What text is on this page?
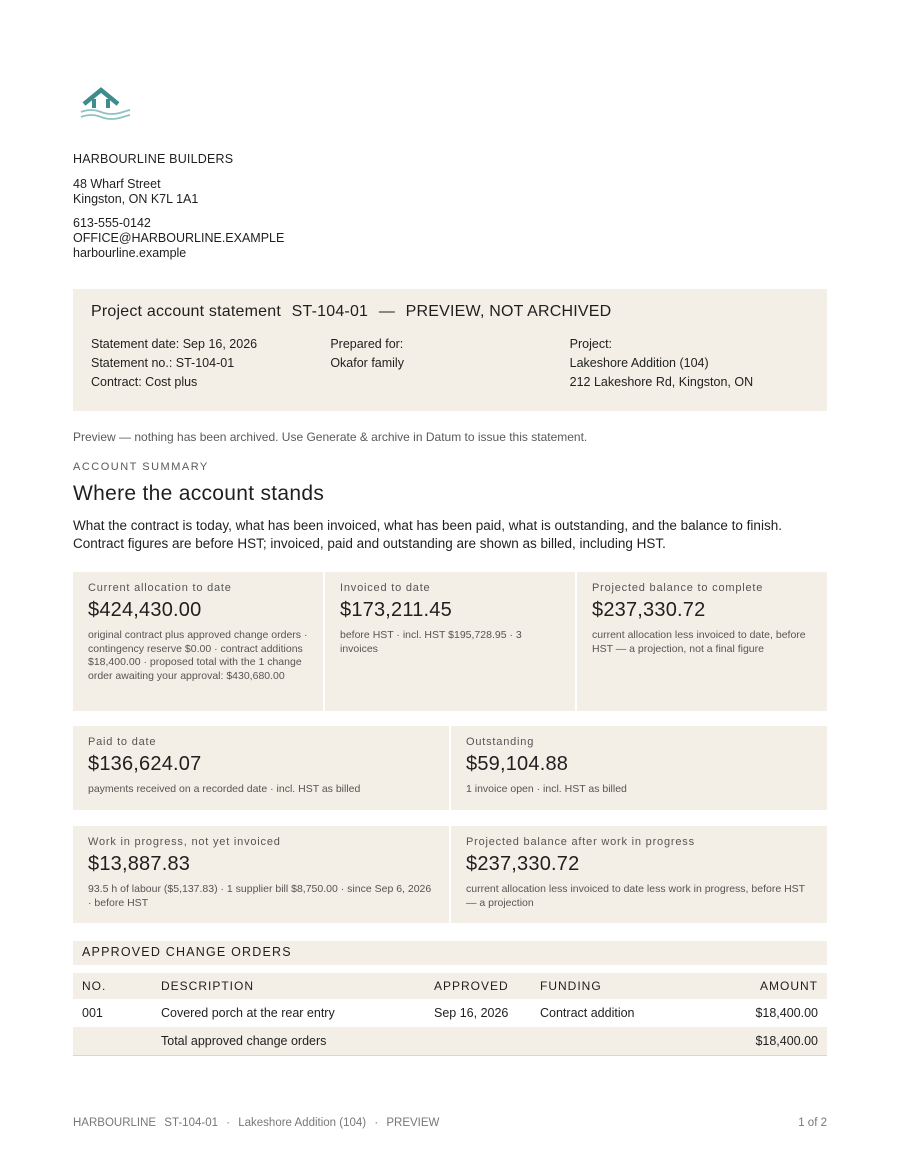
HARBOURLINE BUILDERS
48 Wharf Street
Kingston, ON K7L 1A1
613-555-0142
OFFICE@HARBOURLINE.EXAMPLE
harbourline.example
Project account statement ST-104-01 — PREVIEW, NOT ARCHIVED
Statement date: Sep 16, 2026
Statement no.: ST-104-01
Contract: Cost plus
Prepared for:
Okafor family
Project:
Lakeshore Addition (104)
212 Lakeshore Rd, Kingston, ON
Preview — nothing has been archived. Use Generate & archive in Datum to issue this statement.
ACCOUNT SUMMARY
Where the account stands
What the contract is today, what has been invoiced, what has been paid, what is outstanding, and the balance to finish.
Contract figures are before HST; invoiced, paid and outstanding are shown as billed, including HST.
Current allocation to date
$424,430.00
original contract plus approved change orders · contingency reserve $0.00 · contract additions $18,400.00 · proposed total with the 1 change order awaiting your approval: $430,680.00
Invoiced to date
$173,211.45
before HST · incl. HST $195,728.95 · 3 invoices
Projected balance to complete
$237,330.72
current allocation less invoiced to date, before HST — a projection, not a final figure
Paid to date
$136,624.07
payments received on a recorded date · incl. HST as billed
Outstanding
$59,104.88
1 invoice open · incl. HST as billed
Work in progress, not yet invoiced
$13,887.83
93.5 h of labour ($5,137.83) · 1 supplier bill $8,750.00 · since Sep 6, 2026 · before HST
Projected balance after work in progress
$237,330.72
current allocation less invoiced to date less work in progress, before HST — a projection
APPROVED CHANGE ORDERS
NO.	DESCRIPTION	APPROVED	FUNDING	AMOUNT
001	Covered porch at the rear entry	Sep 16, 2026	Contract addition	$18,400.00
	Total approved change orders			$18,400.00
HARBOURLINE ST-104-01 · Lakeshore Addition (104) · PREVIEW	1 of 2
